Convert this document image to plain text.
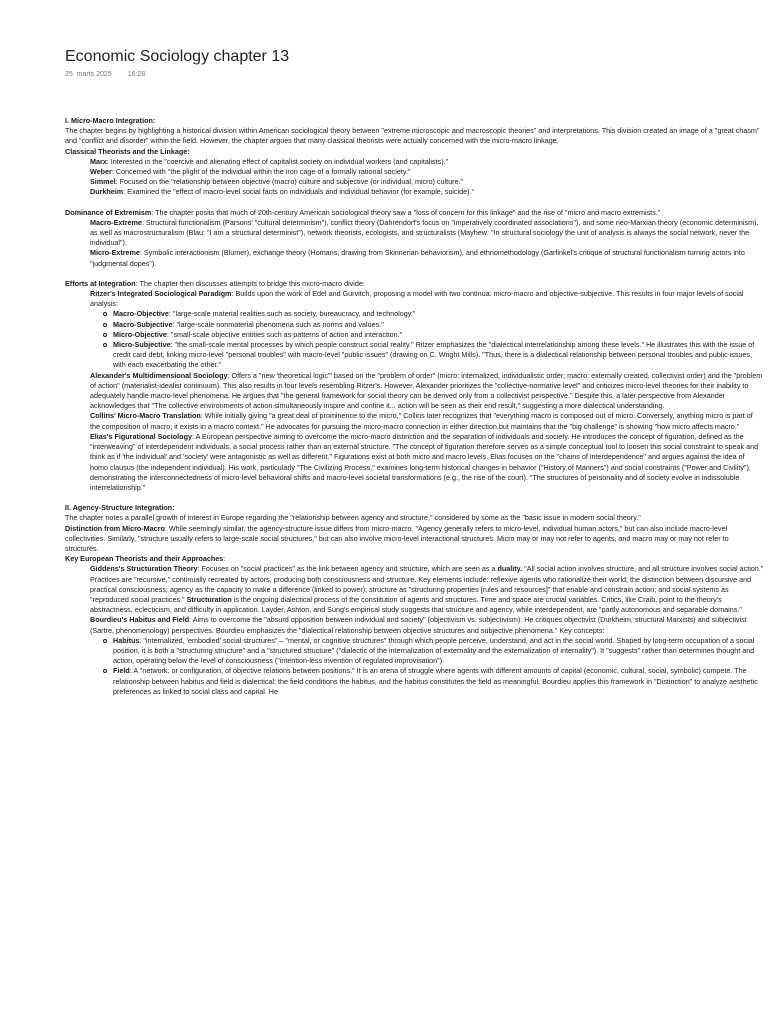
Economic Sociology chapter 13
25. marts 2025 16:28

I. Micro-Macro Integration:

The chapter begins by highlighting a historical division within American sociological theory between "extreme microscopic and macroscopic theories" and interpretations. This division created an image of a "great chasm" and "conflict and disorder" within the field. However, the chapter argues that many classical theorists were actually concerned with the micro-macro linkage.

Classical Theorists and the Linkage:

Marx: Interested in the "coercive and alienating effect of capitalist society on individual workers (and capitalists)."

Weber: Concerned with "the plight of the individual within the iron cage of a formally rational society."

Simmel: Focused on the "relationship between objective (macro) culture and subjective (or individual, micro) culture."

Durkheim: Examined the "effect of macro-level social facts on individuals and individual behavior (for example, suicide)."

Dominance of Extremism: The chapter posits that much of 20th-century American sociological theory saw a "loss of concern for this linkage" and the rise of "micro and macro extremists."

Macro-Extreme: Structural functionalism (Parsons' "cultural determinism"), conflict theory (Dahrendorf's focus on "imperatively coordinated associations"), and some neo-Marxian theory (economic determinism), as well as macrostructuralism (Blau: "I am a structural determinist"), network theorists, ecologists, and structuralists (Mayhew: "In structural sociology the unit of analysis is always the social network, never the individual").

Micro-Extreme: Symbolic interactionism (Blumer), exchange theory (Homans, drawing from Skinnerian behaviorism), and ethnomethodology (Garfinkel's critique of structural functionalism turning actors into "judgmental dopes").

Efforts at Integration: The chapter then discusses attempts to bridge this micro-macro divide:

Ritzer's Integrated Sociological Paradigm: Builds upon the work of Edel and Gurvitch, proposing a model with two continua: micro-macro and objective-subjective. This results in four major levels of social analysis:

Macro-Objective: "large-scale material realities such as society, bureaucracy, and technology."
Macro-Subjective: "large-scale nonmaterial phenomena such as norms and values."
Micro-Objective: "small-scale objective entities such as patterns of action and interaction."
Micro-Subjective: "the small-scale mental processes by which people construct social reality." Ritzer emphasizes the "dialectical interrelationship among these levels." He illustrates this with the issue of credit card debt, linking micro-level "personal troubles" with macro-level "public issues" (drawing on C. Wright Mills). "Thus, there is a dialectical relationship between personal troubles and public issues, with each exacerbating the other."

Alexander's Multidimensional Sociology: Offers a "new 'theoretical logic'" based on the "problem of order" (micro: internalized, individualistic order; macro: externally created, collectivist order) and the "problem of action" (materialist-idealist continuum). This also results in four levels resembling Ritzer's. However, Alexander prioritizes the "collective-normative level" and criticizes micro-level theories for their inability to adequately handle macro-level phenomena. He argues that "the general framework for social theory can be derived only from a collectivist perspective." Despite this, a later perspective from Alexander acknowledges that "The collective environments of action simultaneously inspire and confine it... action will be seen as their end result," suggesting a more dialectical understanding.

Collins' Micro-Macro Translation: While initially giving "a great deal of prominence to the micro," Collins later recognizes that "everything macro is composed out of micro. Conversely, anything micro is part of the composition of macro; it exists in a macro context." He advocates for pursuing the micro-macro connection in either direction but maintains that the "big challenge" is showing "how micro affects macro."

Elias's Figurational Sociology: A European perspective aiming to overcome the micro-macro distinction and the separation of individuals and society. He introduces the concept of figuration, defined as the "interweaving" of interdependent individuals, a social process rather than an external structure. "The concept of figuration therefore serves as a simple conceptual tool to loosen this social constraint to speak and think as if 'the individual' and 'society' were antagonistic as well as different." Figurations exist at both micro and macro levels. Elias focuses on the "chains of interdependence" and argues against the idea of homo clausus (the independent individual). His work, particularly "The Civilizing Process," examines long-term historical changes in behavior ("History of Manners") and social constraints ("Power and Civility"), demonstrating the interconnectedness of micro-level behavioral shifts and macro-level societal transformations (e.g., the rise of the court). "The structures of personality and of society evolve in indissoluble interrelationship."

II. Agency-Structure Integration:

The chapter notes a parallel growth of interest in Europe regarding the "relationship between agency and structure," considered by some as the "basic issue in modern social theory."

Distinction from Micro-Macro: While seemingly similar, the agency-structure issue differs from micro-macro. "Agency generally refers to micro-level, individual human actors," but can also include macro-level collectivities. Similarly, "structure usually refers to large-scale social structures," but can also involve micro-level interactional structures. Micro may or may not refer to agents, and macro may or may not refer to structures.

Key European Theorists and their Approaches:

Giddens's Structuration Theory: Focuses on "social practices" as the link between agency and structure, which are seen as a duality. "All social action involves structure, and all structure involves social action." Practices are "recursive," continually recreated by actors, producing both consciousness and structure. Key elements include: reflexive agents who rationalize their world; the distinction between discursive and practical consciousness; agency as the capacity to make a difference (linked to power); structure as "structuring properties [rules and resources]" that enable and constrain action; and social systems as "reproduced social practices." Structuration is the ongoing dialectical process of the constitution of agents and structures. Time and space are crucial variables. Critics, like Craib, point to the theory's abstractness, eclecticism, and difficulty in application. Layder, Ashton, and Sung's empirical study suggests that structure and agency, while interdependent, are "partly autonomous and separable domains."

Bourdieu's Habitus and Field: Aims to overcome the "absurd opposition between individual and society" (objectivism vs. subjectivism). He critiques objectivist (Durkheim, structural Marxists) and subjectivist (Sartre, phenomenology) perspectives. Bourdieu emphasizes the "dialectical relationship between objective structures and subjective phenomena." Key concepts:

Habitus: "internalized, 'embodied' social structures" – "mental, or cognitive structures" through which people perceive, understand, and act in the social world. Shaped by long-term occupation of a social position, it is both a "structuring structure" and a "structured structure" ("dialectic of the internalization of externality and the externalization of internality"). It "suggests" rather than determines thought and action, operating below the level of consciousness ("intention-less invention of regulated improvisation").
Field: A "network, or configuration, of objective relations between positions." It is an arena of struggle where agents with different amounts of capital (economic, cultural, social, symbolic) compete. The relationship between habitus and field is dialectical: the field conditions the habitus, and the habitus constitutes the field as meaningful. Bourdieu applies this framework in "Distinction" to analyze aesthetic preferences as linked to social class and capital. He
